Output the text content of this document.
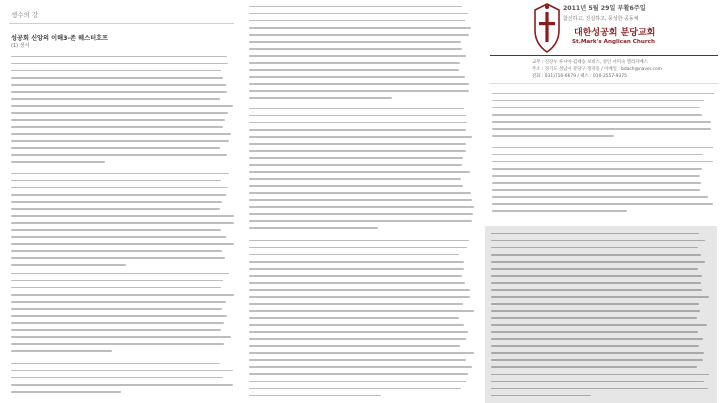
생수의 강
성공회 신앙의 이해3-존 웨스터호프
(1) 성서
2011년 5월 29일 부활6주일
참신하고, 진실하고, 풍성한 공동체
대한성공회 분당교회
St.Mark's Anglican Church
교무 : 신강우 루시아·김세승 보비스, 성인 서미숙 엘리자베스
주소 : 경기도 성남시 분당구 정자동 / 이메일 : bdach@naver.com
전화 : 031)716-6679 / 팩스 : 010-2557-9375
